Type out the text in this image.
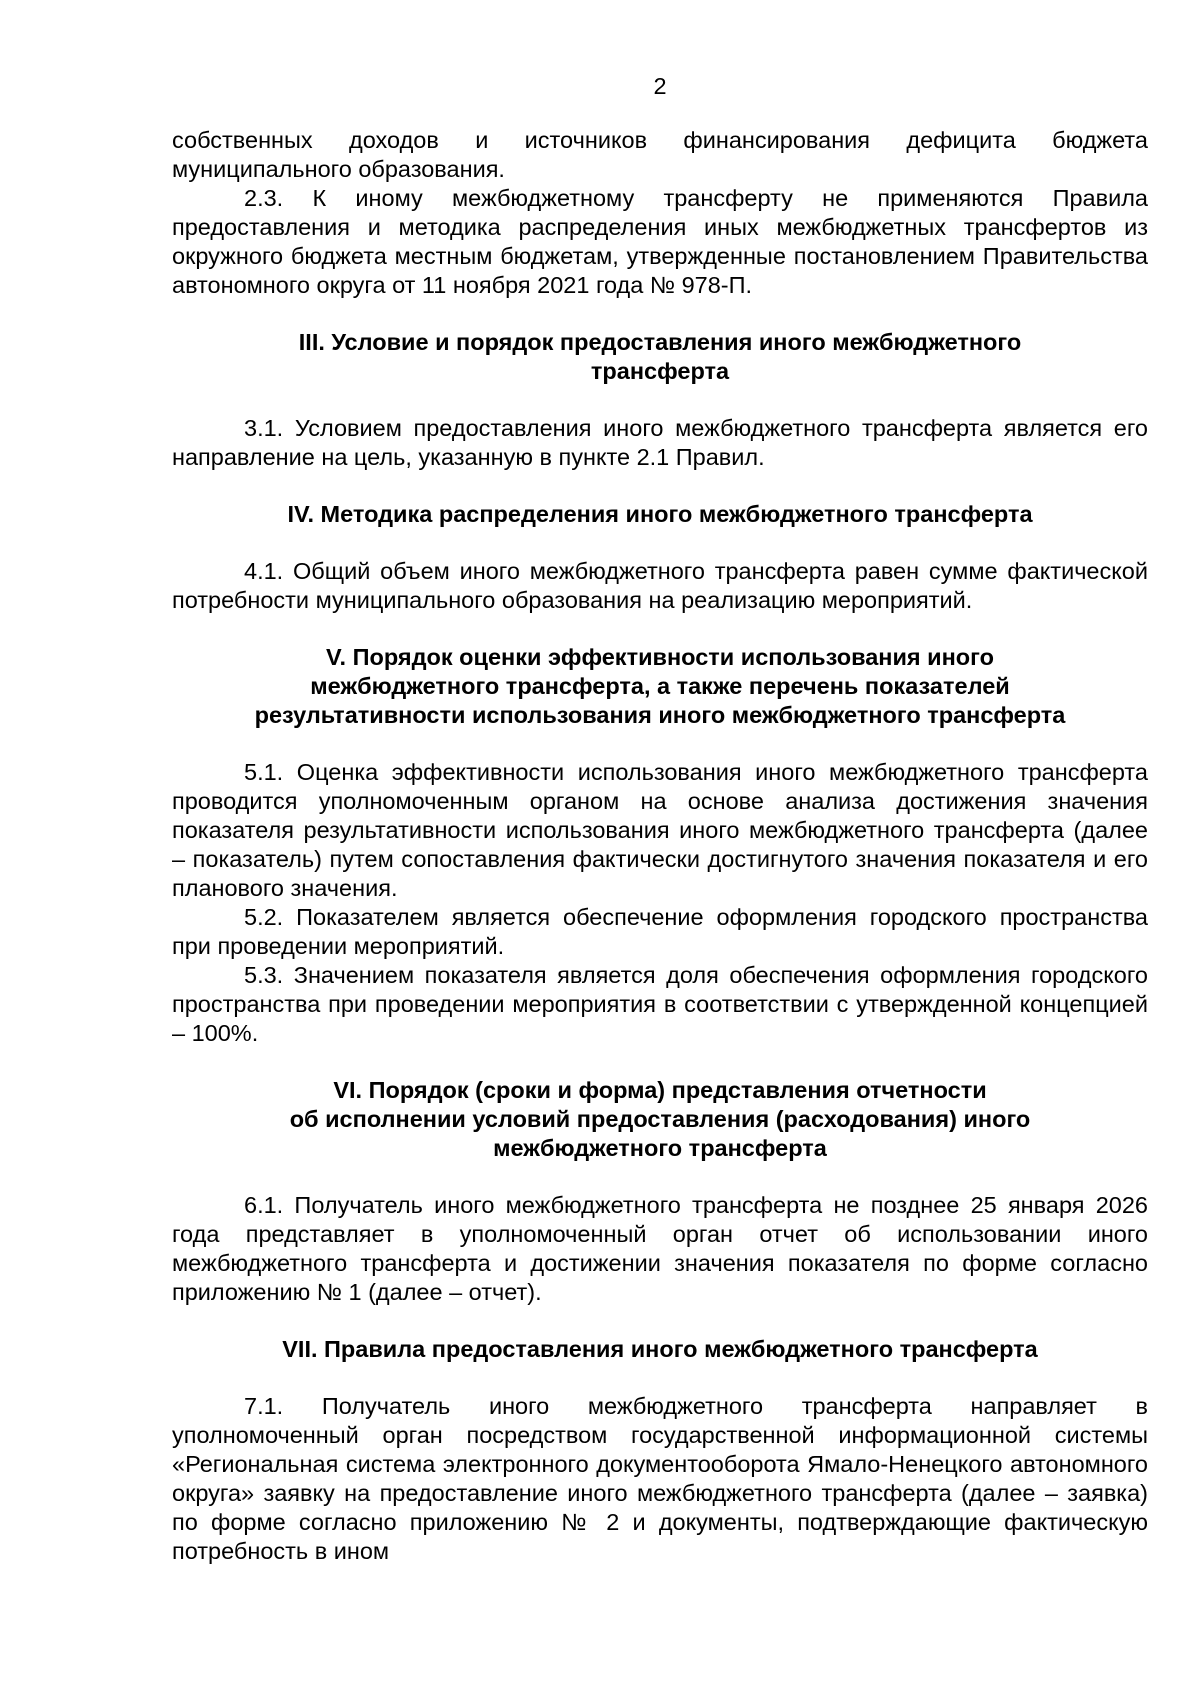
2

собственных доходов и источников финансирования дефицита бюджета муниципального образования.

2.3. К иному межбюджетному трансферту не применяются Правила предоставления и методика распределения иных межбюджетных трансфертов из окружного бюджета местным бюджетам, утвержденные постановлением Правительства автономного округа от 11 ноября 2021 года № 978-П.

III. Условие и порядок предоставления иного межбюджетного
трансферта

3.1. Условием предоставления иного межбюджетного трансферта является его направление на цель, указанную в пункте 2.1 Правил.

IV. Методика распределения иного межбюджетного трансферта

4.1. Общий объем иного межбюджетного трансферта равен сумме фактической потребности муниципального образования на реализацию мероприятий.

V. Порядок оценки эффективности использования иного
межбюджетного трансферта, а также перечень показателей
результативности использования иного межбюджетного трансферта

5.1. Оценка эффективности использования иного межбюджетного трансферта проводится уполномоченным органом на основе анализа достижения значения показателя результативности использования иного межбюджетного трансферта (далее – показатель) путем сопоставления фактически достигнутого значения показателя и его планового значения.

5.2. Показателем является обеспечение оформления городского пространства при проведении мероприятий.

5.3. Значением показателя является доля обеспечения оформления городского пространства при проведении мероприятия в соответствии с утвержденной концепцией – 100%.

VI. Порядок (сроки и форма) представления отчетности
об исполнении условий предоставления (расходования) иного
межбюджетного трансферта

6.1. Получатель иного межбюджетного трансферта не позднее 25 января 2026 года представляет в уполномоченный орган отчет об использовании иного межбюджетного трансферта и достижении значения показателя по форме согласно приложению № 1 (далее – отчет).

VII. Правила предоставления иного межбюджетного трансферта

7.1. Получатель иного межбюджетного трансферта направляет в уполномоченный орган посредством государственной информационной системы «Региональная система электронного документооборота Ямало-Ненецкого автономного округа» заявку на предоставление иного межбюджетного трансферта (далее – заявка) по форме согласно приложению № 2 и документы, подтверждающие фактическую потребность в ином
